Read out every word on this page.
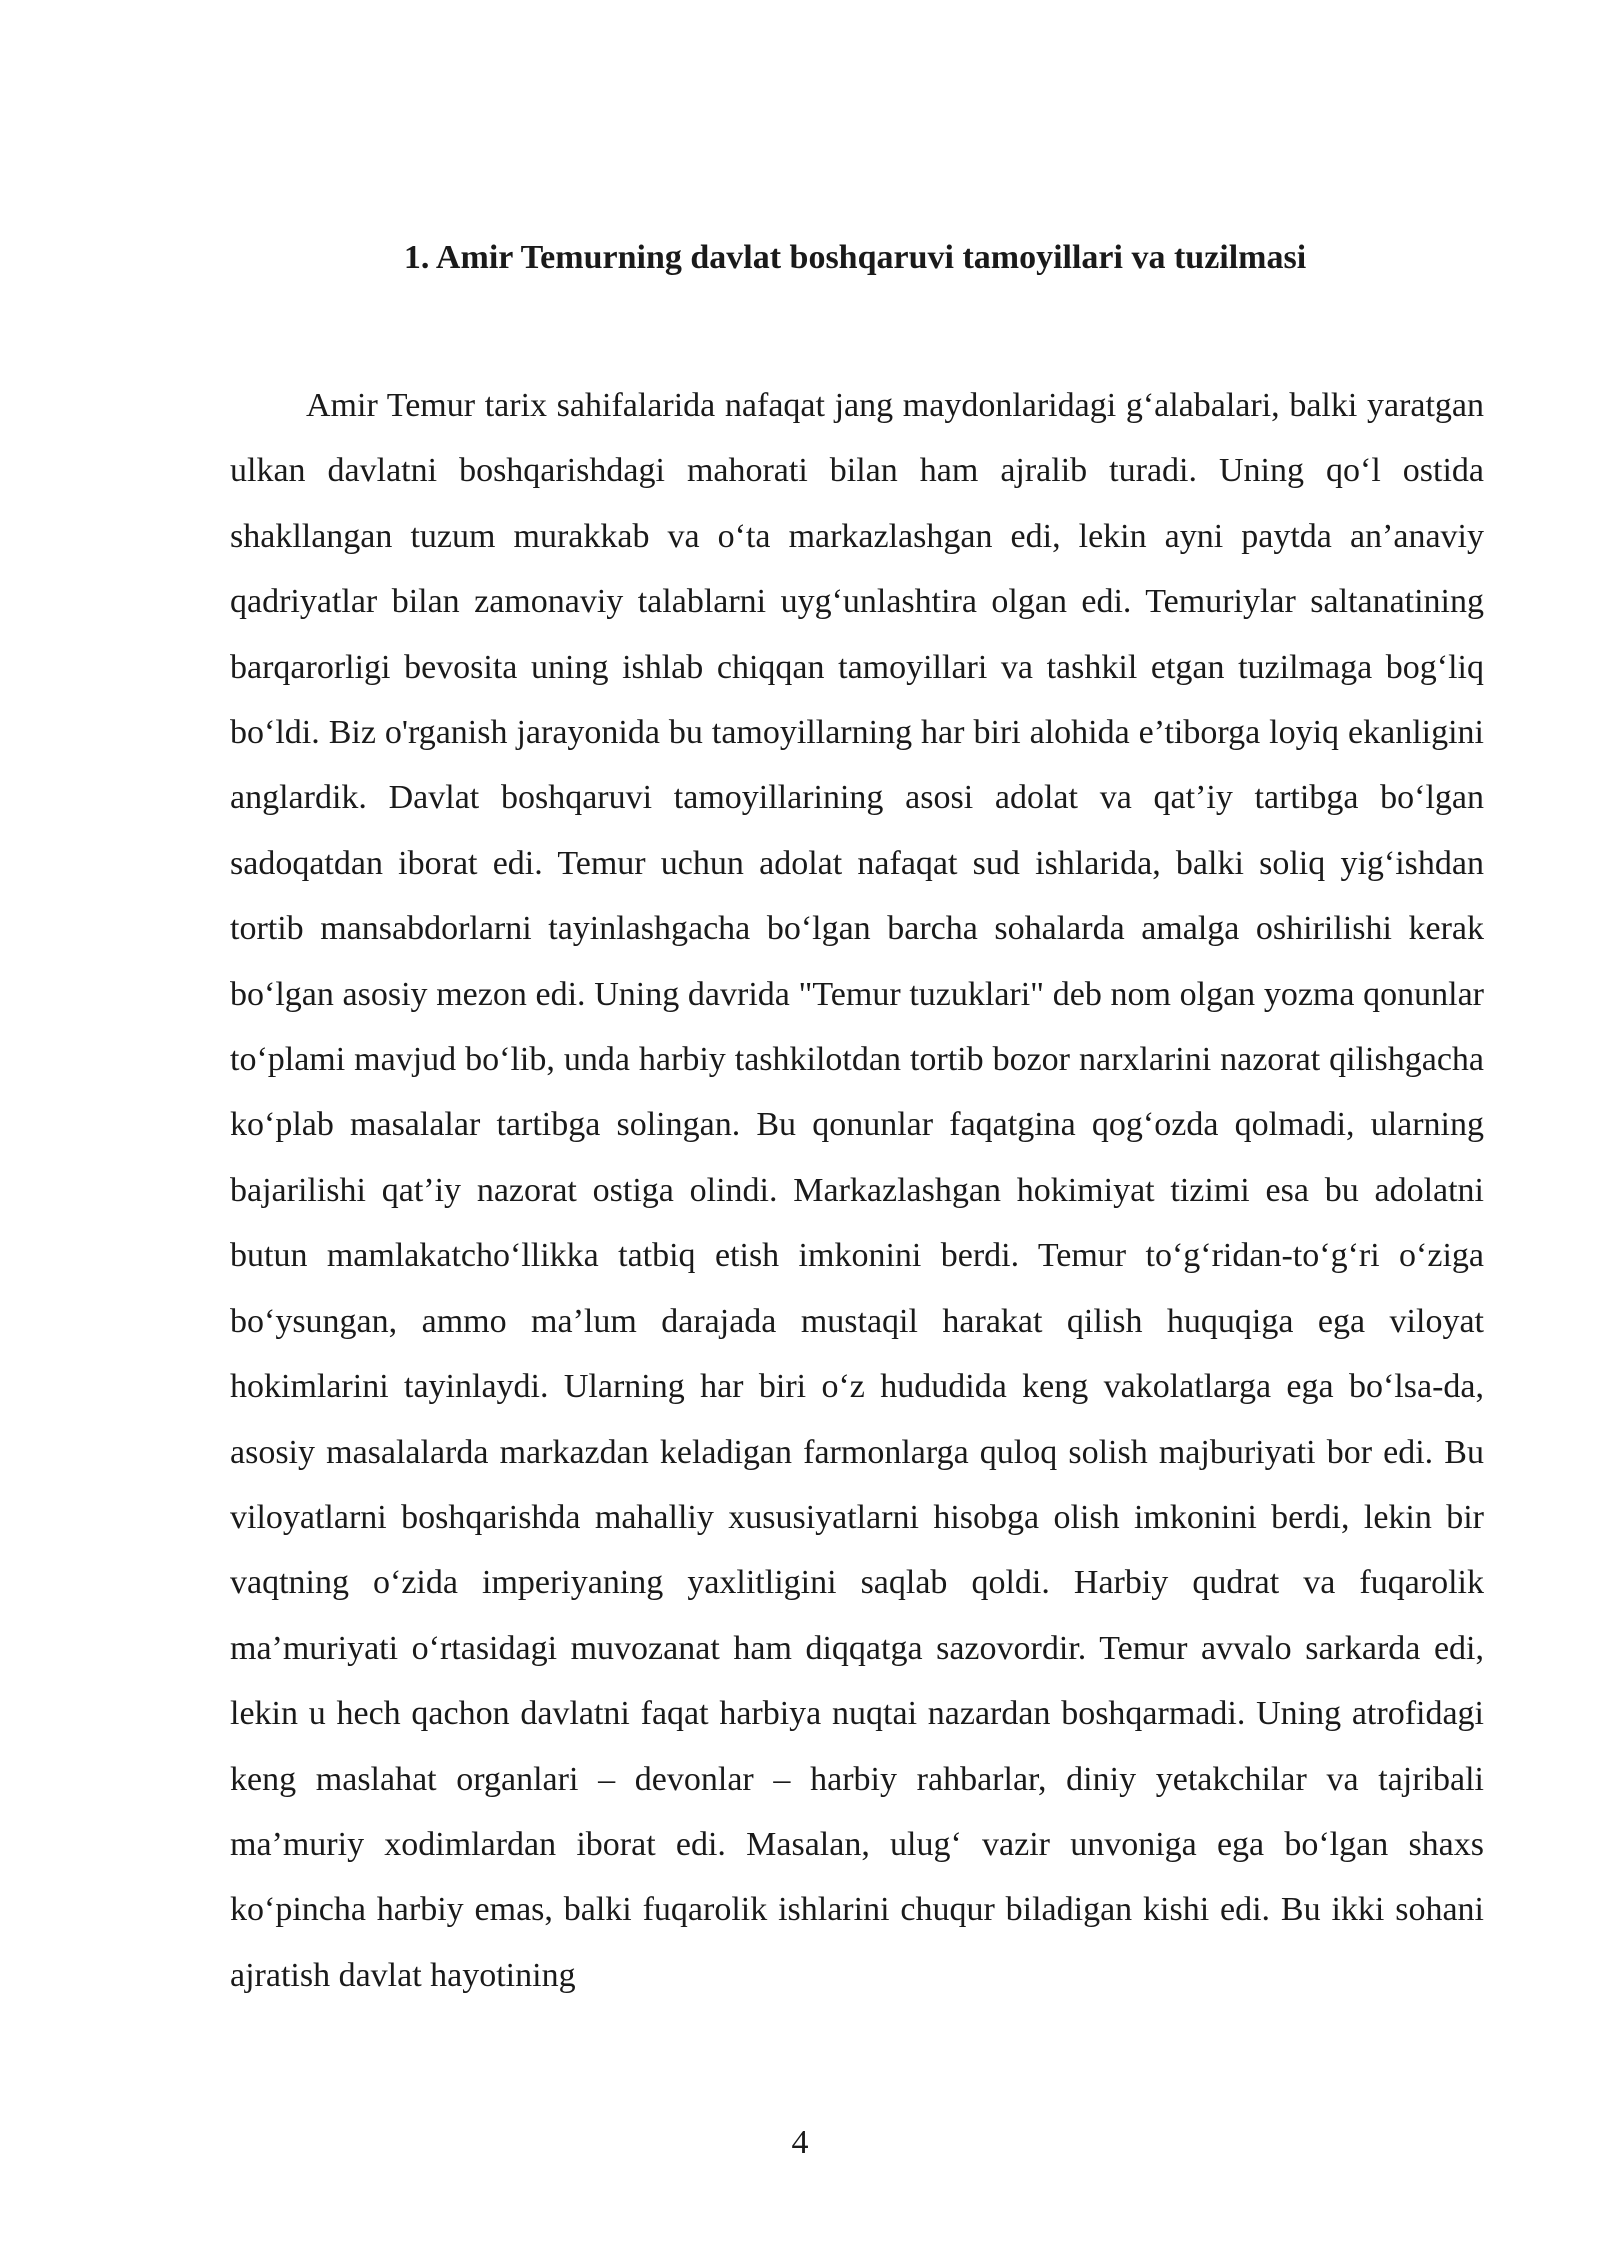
1. Amir Temurning davlat boshqaruvi tamoyillari va tuzilmasi

Amir Temur tarix sahifalarida nafaqat jang maydonlaridagi g‘alabalari, balki yaratgan ulkan davlatni boshqarishdagi mahorati bilan ham ajralib turadi. Uning qo‘l ostida shakllangan tuzum murakkab va o‘ta markazlashgan edi, lekin ayni paytda an’anaviy qadriyatlar bilan zamonaviy talablarni uyg‘unlashtira olgan edi. Temuriylar saltanatining barqarorligi bevosita uning ishlab chiqqan tamoyillari va tashkil etgan tuzilmaga bog‘liq bo‘ldi. Biz o'rganish jarayonida bu tamoyillarning har biri alohida e’tiborga loyiq ekanligini anglardik. Davlat boshqaruvi tamoyillarining asosi adolat va qat’iy tartibga bo‘lgan sadoqatdan iborat edi. Temur uchun adolat nafaqat sud ishlarida, balki soliq yig‘ishdan tortib mansabdorlarni tayinlashgacha bo‘lgan barcha sohalarda amalga oshirilishi kerak bo‘lgan asosiy mezon edi. Uning davrida "Temur tuzuklari" deb nom olgan yozma qonunlar to‘plami mavjud bo‘lib, unda harbiy tashkilotdan tortib bozor narxlarini nazorat qilishgacha ko‘plab masalalar tartibga solingan. Bu qonunlar faqatgina qog‘ozda qolmadi, ularning bajarilishi qat’iy nazorat ostiga olindi. Markazlashgan hokimiyat tizimi esa bu adolatni butun mamlakatcho‘llikka tatbiq etish imkonini berdi. Temur to‘g‘ridan-to‘g‘ri o‘ziga bo‘ysungan, ammo ma’lum darajada mustaqil harakat qilish huquqiga ega viloyat hokimlarini tayinlaydi. Ularning har biri o‘z hududida keng vakolatlarga ega bo‘lsa-da, asosiy masalalarda markazdan keladigan farmonlarga quloq solish majburiyati bor edi. Bu viloyatlarni boshqarishda mahalliy xususiyatlarni hisobga olish imkonini berdi, lekin bir vaqtning o‘zida imperiyaning yaxlitligini saqlab qoldi. Harbiy qudrat va fuqarolik ma’muriyati o‘rtasidagi muvozanat ham diqqatga sazovordir. Temur avvalo sarkarda edi, lekin u hech qachon davlatni faqat harbiya nuqtai nazardan boshqarmadi. Uning atrofidagi keng maslahat organlari – devonlar – harbiy rahbarlar, diniy yetakchilar va tajribali ma’muriy xodimlardan iborat edi. Masalan, ulug‘ vazir unvoniga ega bo‘lgan shaxs ko‘pincha harbiy emas, balki fuqarolik ishlarini chuqur biladigan kishi edi. Bu ikki sohani ajratish davlat hayotining

4
